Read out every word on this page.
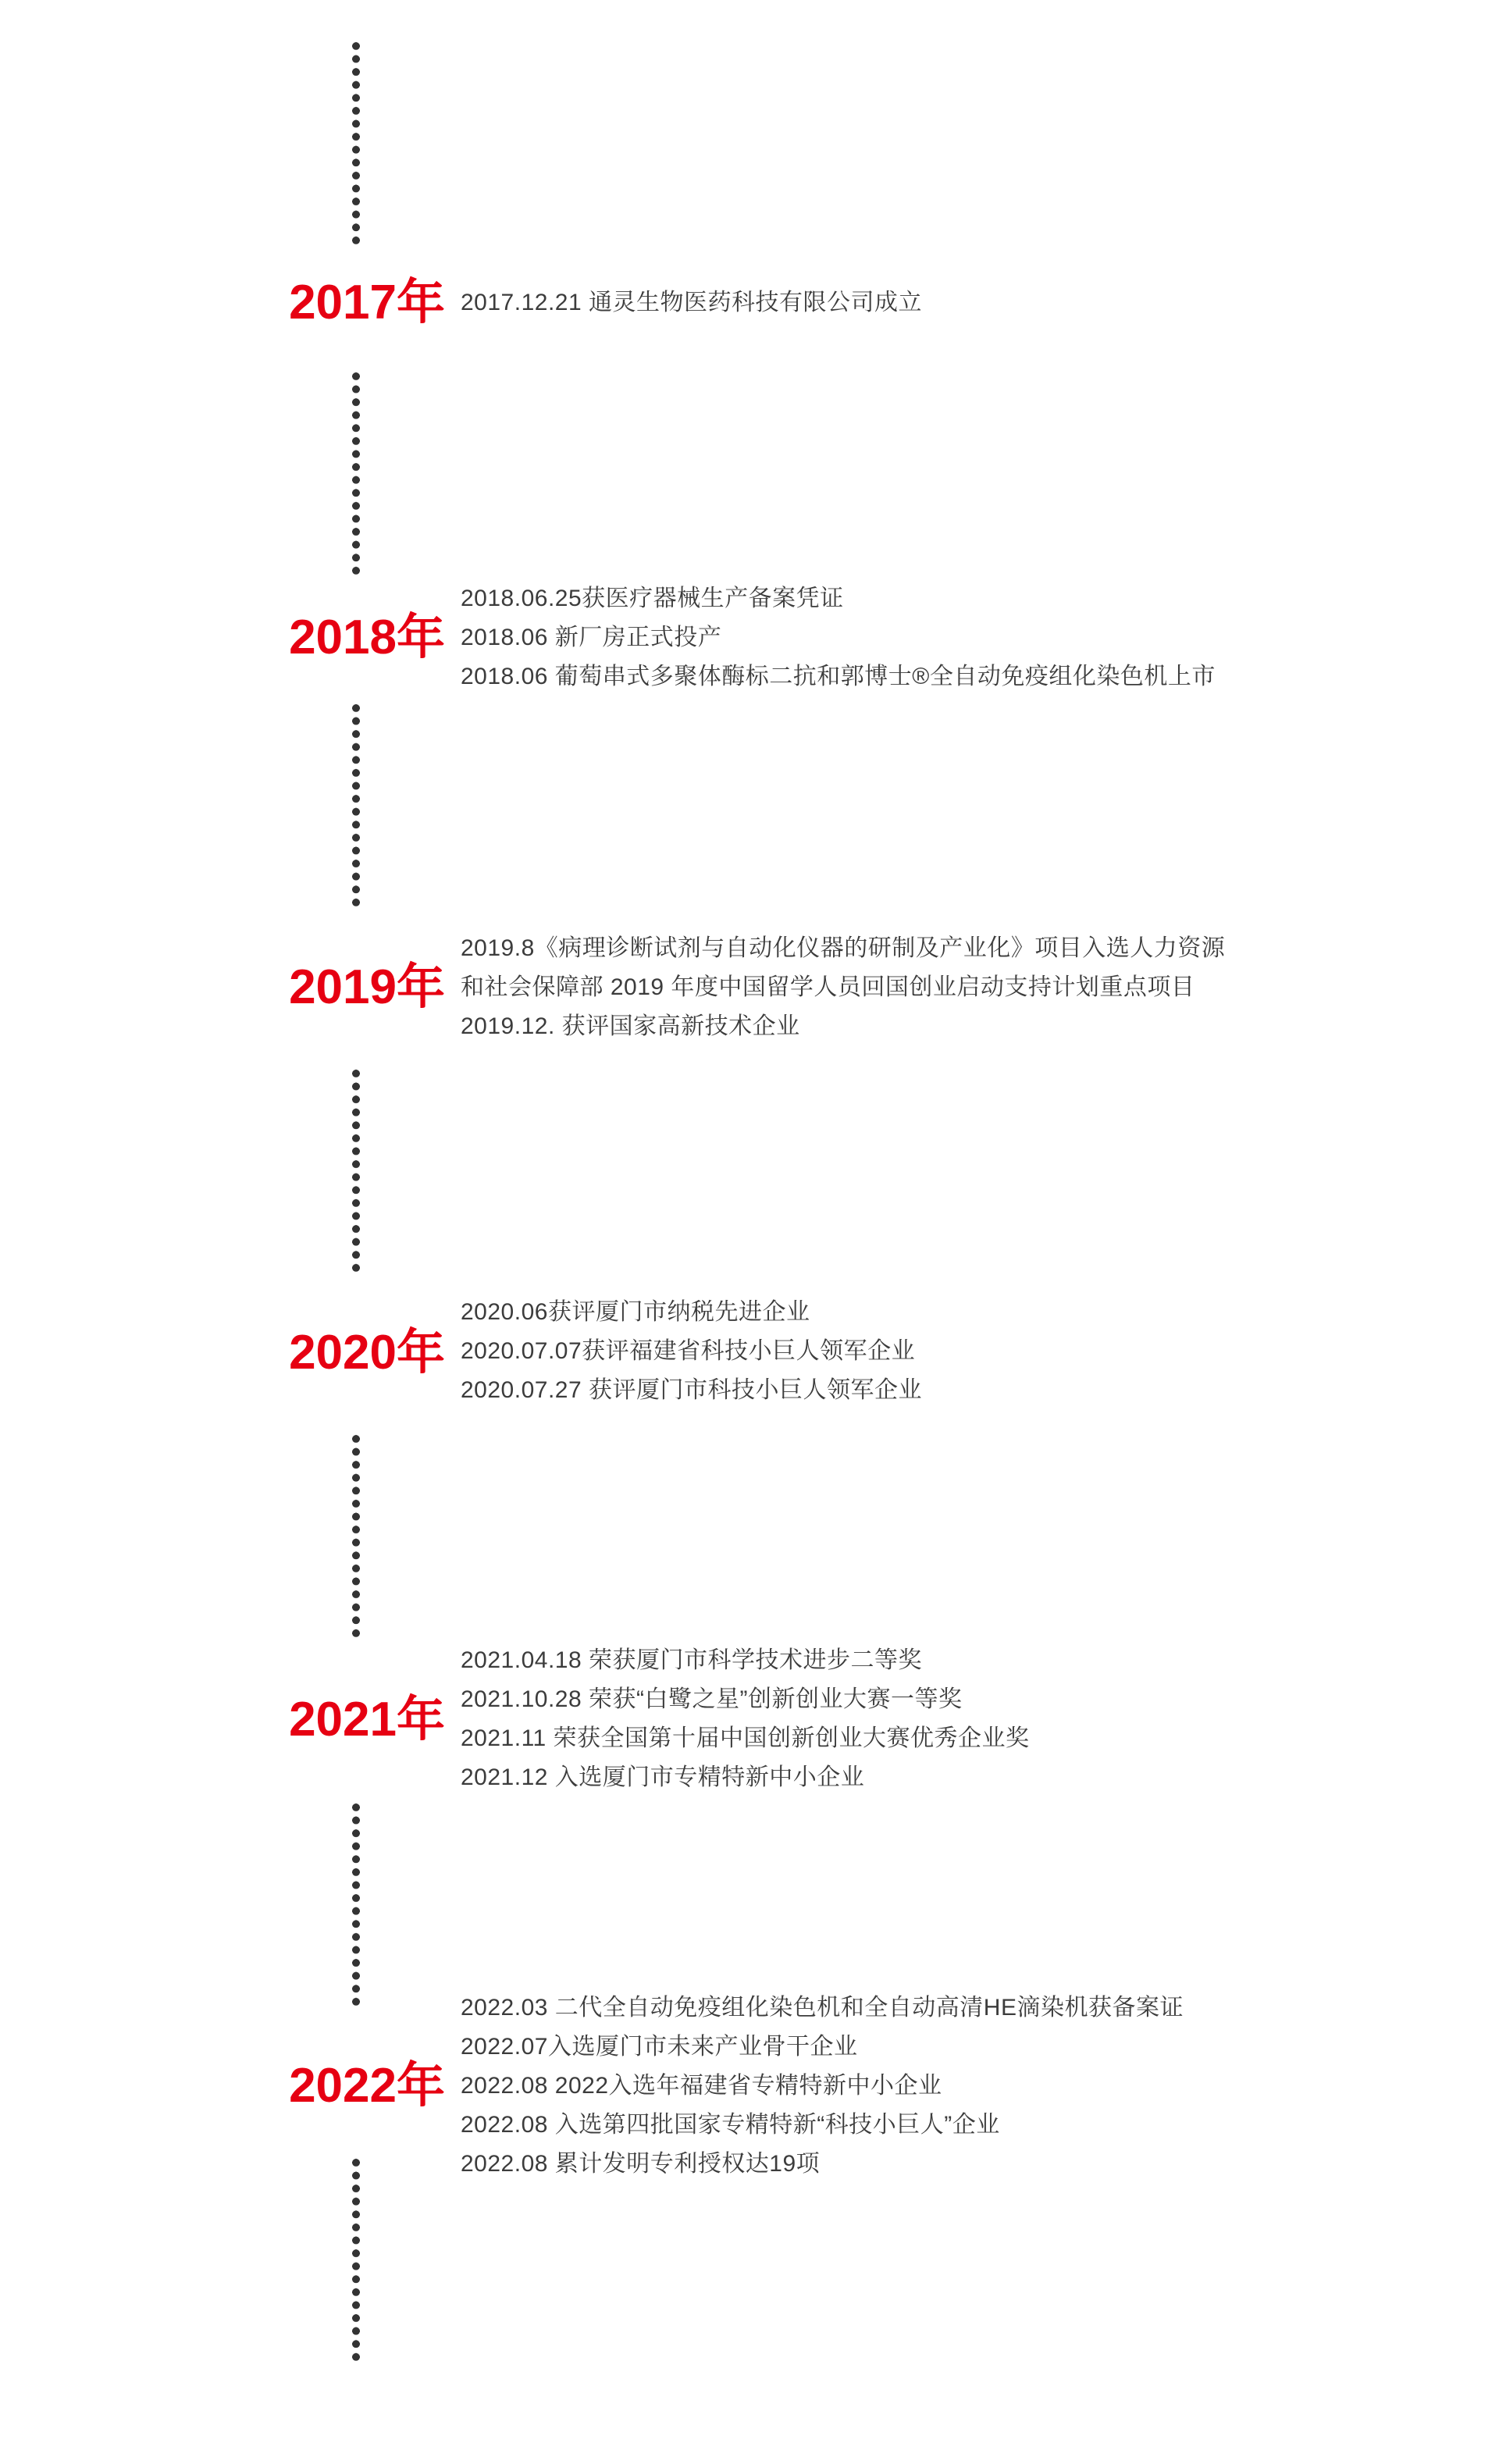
2017年 2017.12.21 通灵生物医药科技有限公司成立
2018年
2018.06.25获医疗器械生产备案凭证
2018.06 新厂房正式投产
2018.06 葡萄串式多聚体酶标二抗和郭博士®全自动免疫组化染色机上市
2019年
2019.8《病理诊断试剂与自动化仪器的研制及产业化》项目入选人力资源
和社会保障部 2019 年度中国留学人员回国创业启动支持计划重点项目
2019.12. 获评国家高新技术企业
2020年
2020.06获评厦门市纳税先进企业
2020.07.07获评福建省科技小巨人领军企业
2020.07.27 获评厦门市科技小巨人领军企业
2021年
2021.04.18 荣获厦门市科学技术进步二等奖
2021.10.28 荣获“白鹭之星”创新创业大赛一等奖
2021.11 荣获全国第十届中国创新创业大赛优秀企业奖
2021.12 入选厦门市专精特新中小企业
2022年
2022.03 二代全自动免疫组化染色机和全自动高清HE滴染机获备案证
2022.07入选厦门市未来产业骨干企业
2022.08 2022入选年福建省专精特新中小企业
2022.08 入选第四批国家专精特新“科技小巨人”企业
2022.08 累计发明专利授权达19项
